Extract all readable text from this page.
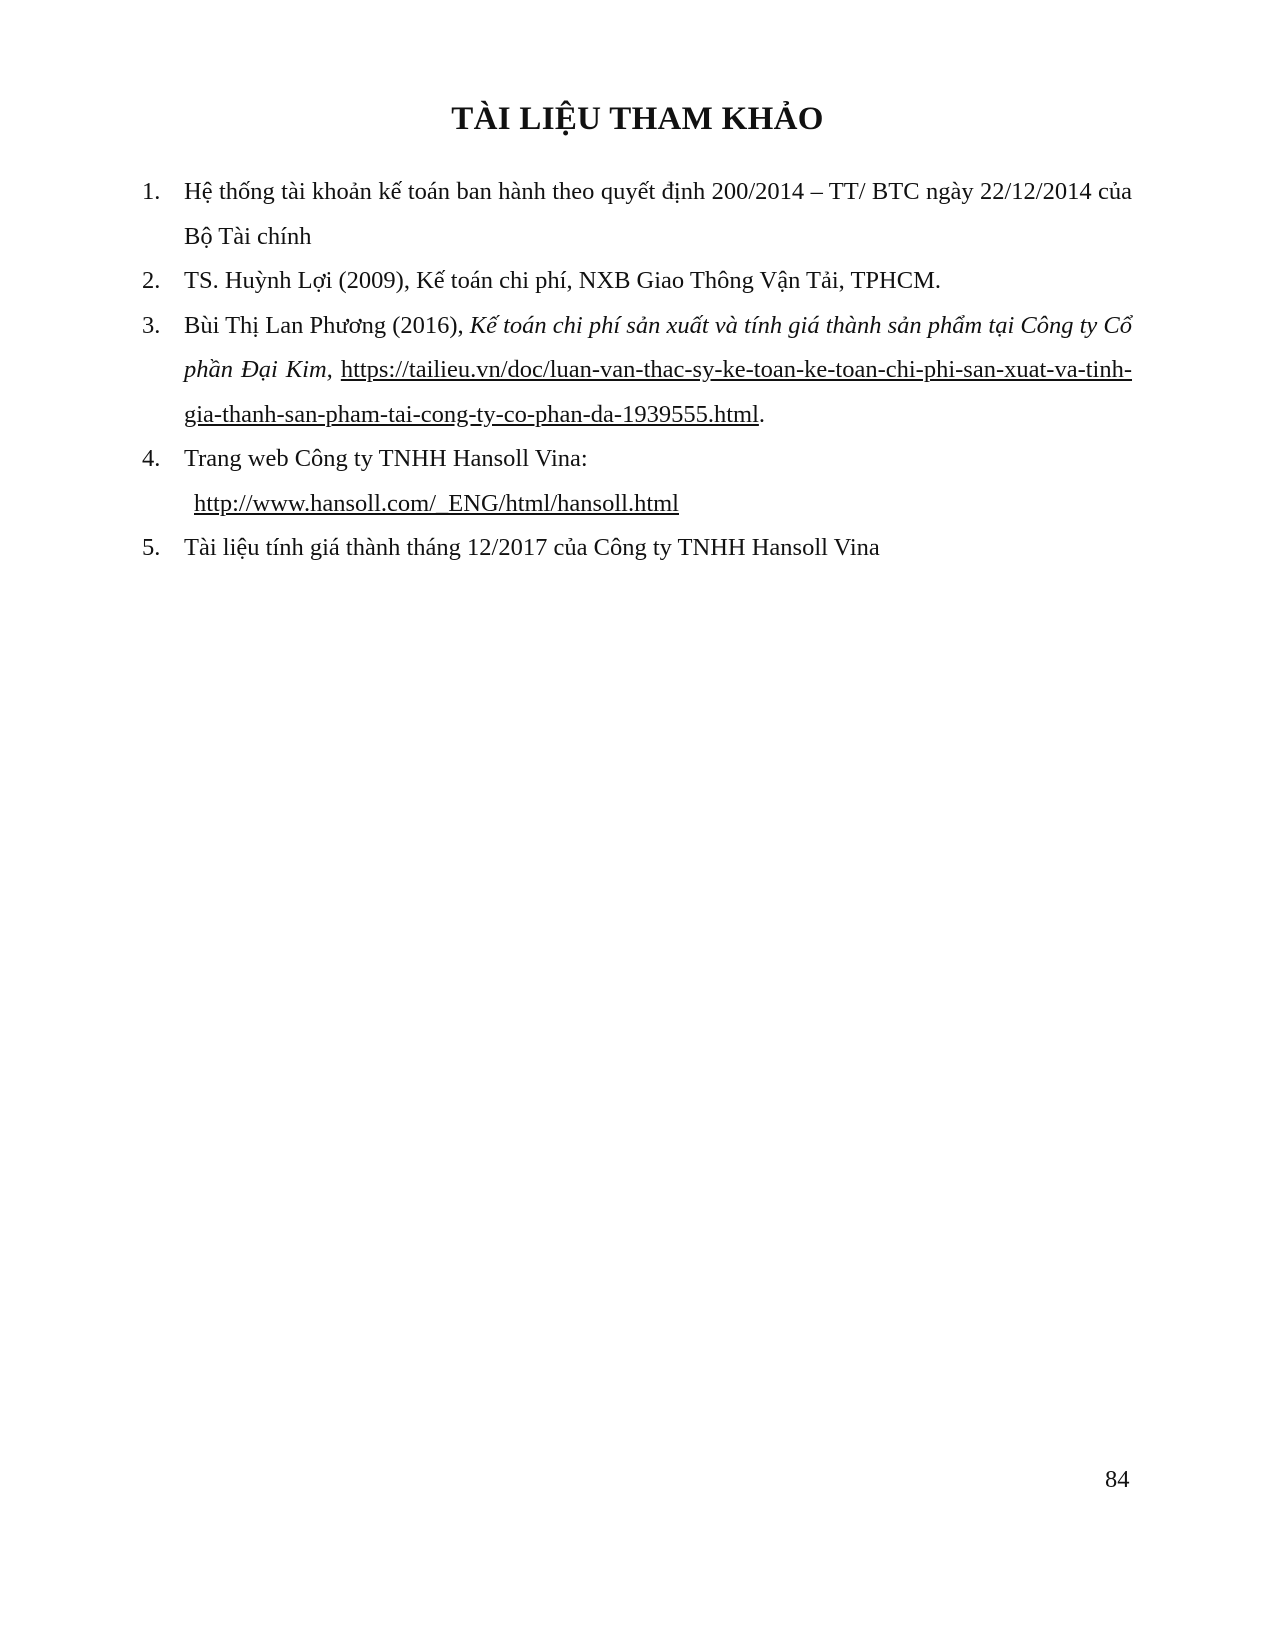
TÀI LIỆU THAM KHẢO
1. Hệ thống tài khoản kế toán ban hành theo quyết định 200/2014 – TT/ BTC ngày 22/12/2014 của Bộ Tài chính
2. TS. Huỳnh Lợi (2009), Kế toán chi phí, NXB Giao Thông Vận Tải, TPHCM.
3. Bùi Thị Lan Phương (2016), Kế toán chi phí sản xuất và tính giá thành sản phẩm tại Công ty Cổ phần Đại Kim, https://tailieu.vn/doc/luan-van-thac-sy-ke-toan-ke-toan-chi-phi-san-xuat-va-tinh-gia-thanh-san-pham-tai-cong-ty-co-phan-da-1939555.html.
4. Trang web Công ty TNHH Hansoll Vina:
http://www.hansoll.com/_ENG/html/hansoll.html
5. Tài liệu tính giá thành tháng 12/2017 của Công ty TNHH Hansoll Vina
84
